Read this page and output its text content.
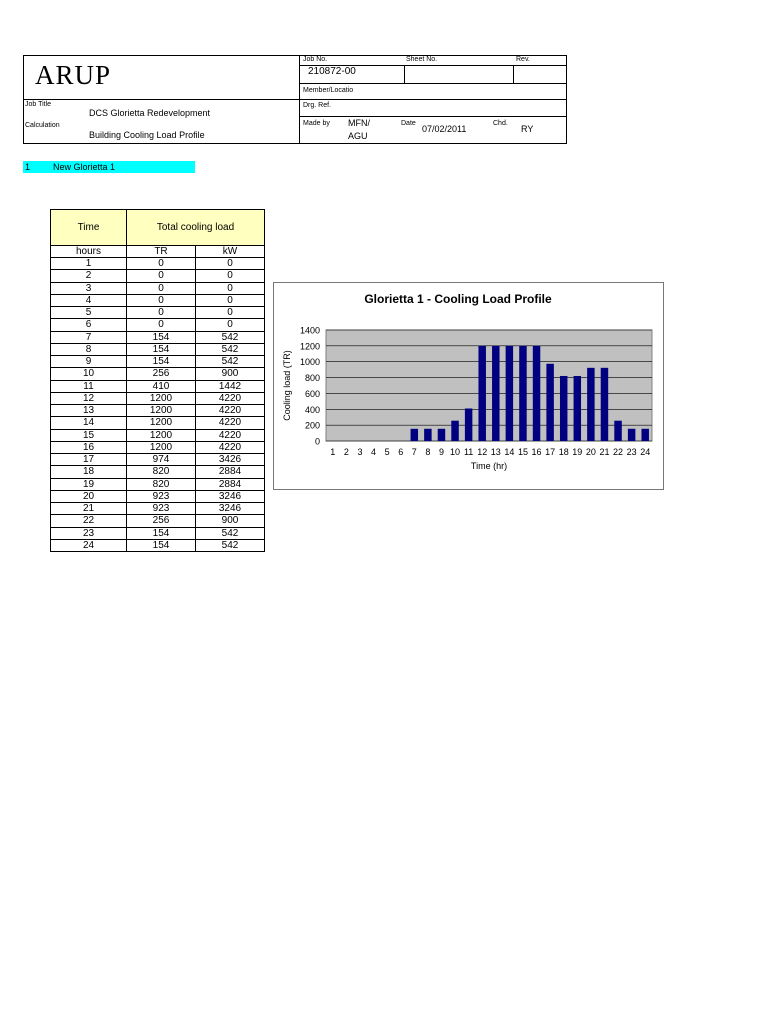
ARUP
Job No.	Sheet No.	Rev.
210872-00
Member/Locatio
Job Title
DCS Glorietta Redevelopment
Calculation
Building Cooling Load Profile
Drg. Ref.
Made by MFN/
AGU
Date
07/02/2011
Chd.
RY
1	New Glorietta 1
Time	Total cooling load	
hours	TR	kW
1	0	0
2	0	0
3	0	0
4	0	0
5	0	0
6	0	0
7	154	542
8	154	542
9	154	542
10	256	900
11	410	1442
12	1200	4220
13	1200	4220
14	1200	4220
15	1200	4220
16	1200	4220
17	974	3426
18	820	2884
19	820	2884
20	923	3246
21	923	3246
22	256	900
23	154	542
24	154	542
Glorietta 1 - Cooling Load Profile
0
200
400
600
800
1000
1200
1400
1 2 3 4 5 6 7 8 9 10 11 12 13 14 15 16 17 18 19 20 21 22 23 24
Time (hr)
Cooling load (TR)
